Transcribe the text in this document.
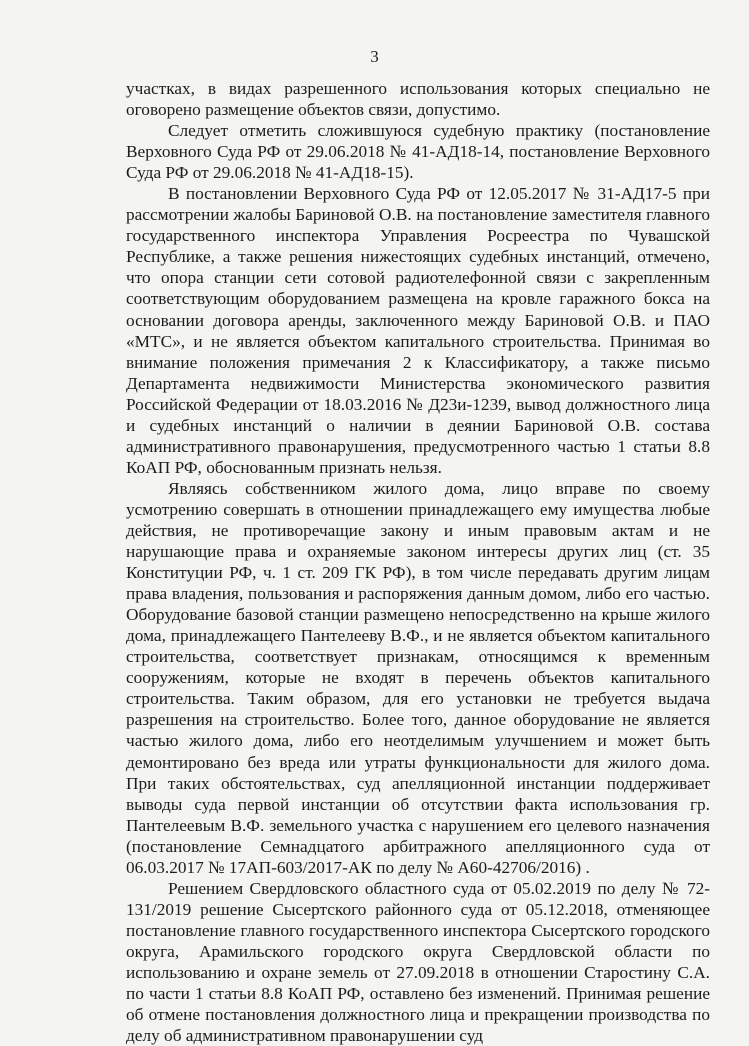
3

участках, в видах разрешенного использования которых специально не оговорено размещение объектов связи, допустимо.

Следует отметить сложившуюся судебную практику (постановление Верховного Суда РФ от 29.06.2018 № 41-АД18-14, постановление Верховного Суда РФ от 29.06.2018 № 41-АД18-15).

В постановлении Верховного Суда РФ от 12.05.2017 № 31-АД17-5 при рассмотрении жалобы Бариновой О.В. на постановление заместителя главного государственного инспектора Управления Росреестра по Чувашской Республике, а также решения нижестоящих судебных инстанций, отмечено, что опора станции сети сотовой радиотелефонной связи с закрепленным соответствующим оборудованием размещена на кровле гаражного бокса на основании договора аренды, заключенного между Бариновой О.В. и ПАО «МТС», и не является объектом капитального строительства. Принимая во внимание положения примечания 2 к Классификатору, а также письмо Департамента недвижимости Министерства экономического развития Российской Федерации от 18.03.2016 № Д23и-1239, вывод должностного лица и судебных инстанций о наличии в деянии Бариновой О.В. состава административного правонарушения, предусмотренного частью 1 статьи 8.8 КоАП РФ, обоснованным признать нельзя.

Являясь собственником жилого дома, лицо вправе по своему усмотрению совершать в отношении принадлежащего ему имущества любые действия, не противоречащие закону и иным правовым актам и не нарушающие права и охраняемые законом интересы других лиц (ст. 35 Конституции РФ, ч. 1 ст. 209 ГК РФ), в том числе передавать другим лицам права владения, пользования и распоряжения данным домом, либо его частью. Оборудование базовой станции размещено непосредственно на крыше жилого дома, принадлежащего Пантелееву В.Ф., и не является объектом капитального строительства, соответствует признакам, относящимся к временным сооружениям, которые не входят в перечень объектов капитального строительства. Таким образом, для его установки не требуется выдача разрешения на строительство. Более того, данное оборудование не является частью жилого дома, либо его неотделимым улучшением и может быть демонтировано без вреда или утраты функциональности для жилого дома. При таких обстоятельствах, суд апелляционной инстанции поддерживает выводы суда первой инстанции об отсутствии факта использования гр. Пантелеевым В.Ф. земельного участка с нарушением его целевого назначения (постановление Семнадцатого арбитражного апелляционного суда от 06.03.2017 № 17АП-603/2017-АК по делу № А60-42706/2016) .

Решением Свердловского областного суда от 05.02.2019 по делу № 72-131/2019 решение Сысертского районного суда от 05.12.2018, отменяющее постановление главного государственного инспектора Сысертского городского округа, Арамильского городского округа Свердловской области по использованию и охране земель от 27.09.2018 в отношении Старостину С.А. по части 1 статьи 8.8 КоАП РФ, оставлено без изменений. Принимая решение об отмене постановления должностного лица и прекращении производства по делу об административном правонарушении суд
